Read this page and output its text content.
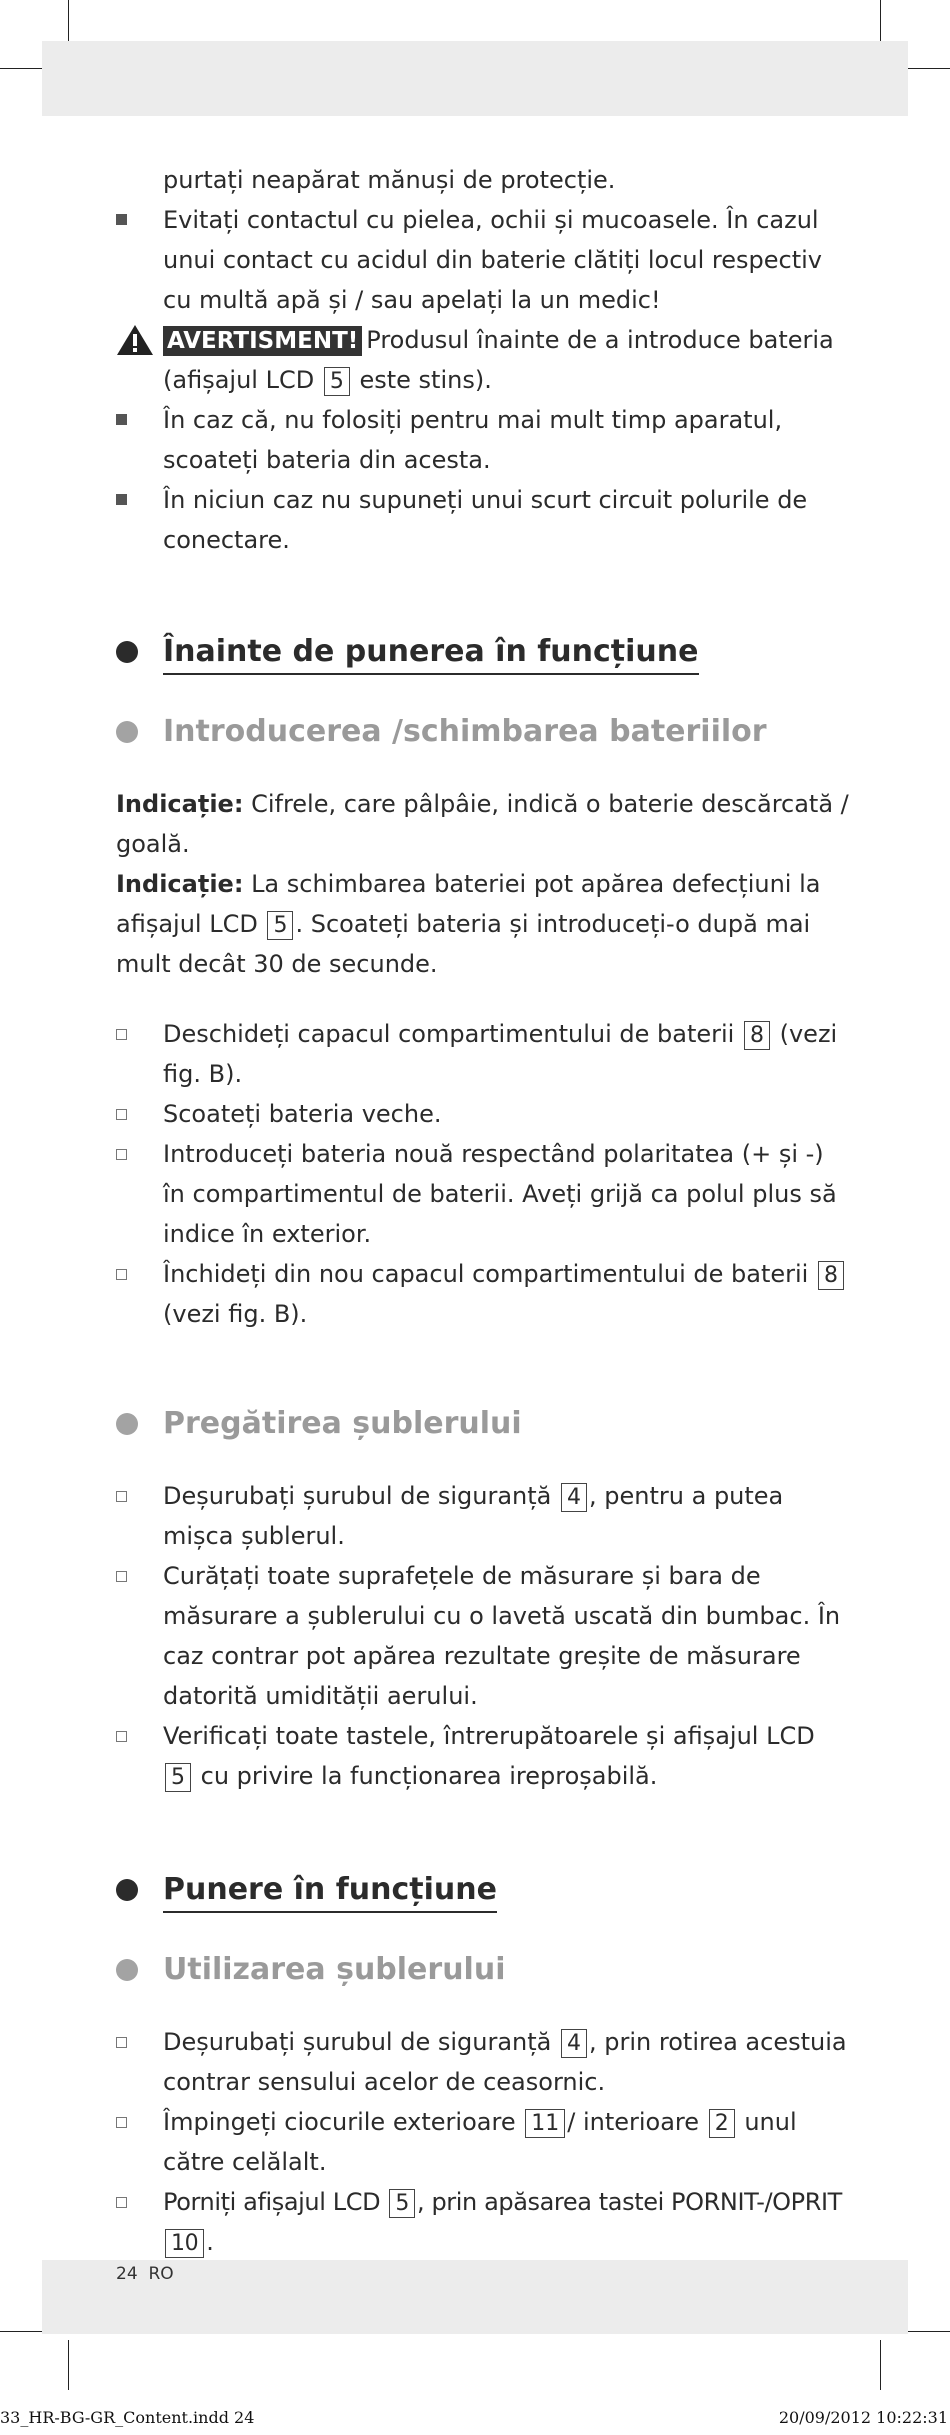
purtați neapărat mănuși de protecție.

Evitați contactul cu pielea, ochii și mucoasele. În cazul unui contact cu acidul din baterie clătiți locul respectiv cu multă apă și / sau apelați la un medic!

AVERTISMENT! Produsul înainte de a introduce bateria (afișajul LCD 5 este stins).

În caz că, nu folosiți pentru mai mult timp aparatul, scoateți bateria din acesta.

În niciun caz nu supuneți unui scurt circuit polurile de conectare.

Înainte de punerea în funcțiune
Introducerea /schimbarea bateriilor

Indicație: Cifrele, care pâlpâie, indică o baterie descărcată / goală.

Indicație: La schimbarea bateriei pot apărea defecțiuni la afișajul LCD 5 . Scoateți bateria și introduceți-o după mai mult decât 30 de secunde.

Deschideți capacul compartimentului de baterii 8 (vezi fig. B).

Scoateți bateria veche.

Introduceți bateria nouă respectând polaritatea (+ și -) în compartimentul de baterii. Aveți grijă ca polul plus să indice în exterior.

Închideți din nou capacul compartimentului de baterii 8 (vezi fig. B).

Pregătirea șublerului

Deșurubați șurubul de siguranță 4 , pentru a putea mișca șublerul.

Curățați toate suprafețele de măsurare și bara de măsurare a șublerului cu o lavetă uscată din bumbac. În caz contrar pot apărea rezultate greșite de măsurare datorită umidității aerului.

Verificați toate tastele, întrerupătoarele și afișajul LCD 5 cu privire la funcționarea ireproșabilă.

Punere în funcțiune
Utilizarea șublerului

Deșurubați șurubul de siguranță 4 , prin rotirea acestuia contrar sensului acelor de ceasornic.

Împingeți ciocurile exterioare 11 / interioare 2 unul către celălalt.

Porniți afișajul LCD 5 , prin apăsarea tastei PORNIT-/OPRIT 10 .

24 RO
33_HR-BG-GR_Content.indd 24	20/09/2012 10:22:31
